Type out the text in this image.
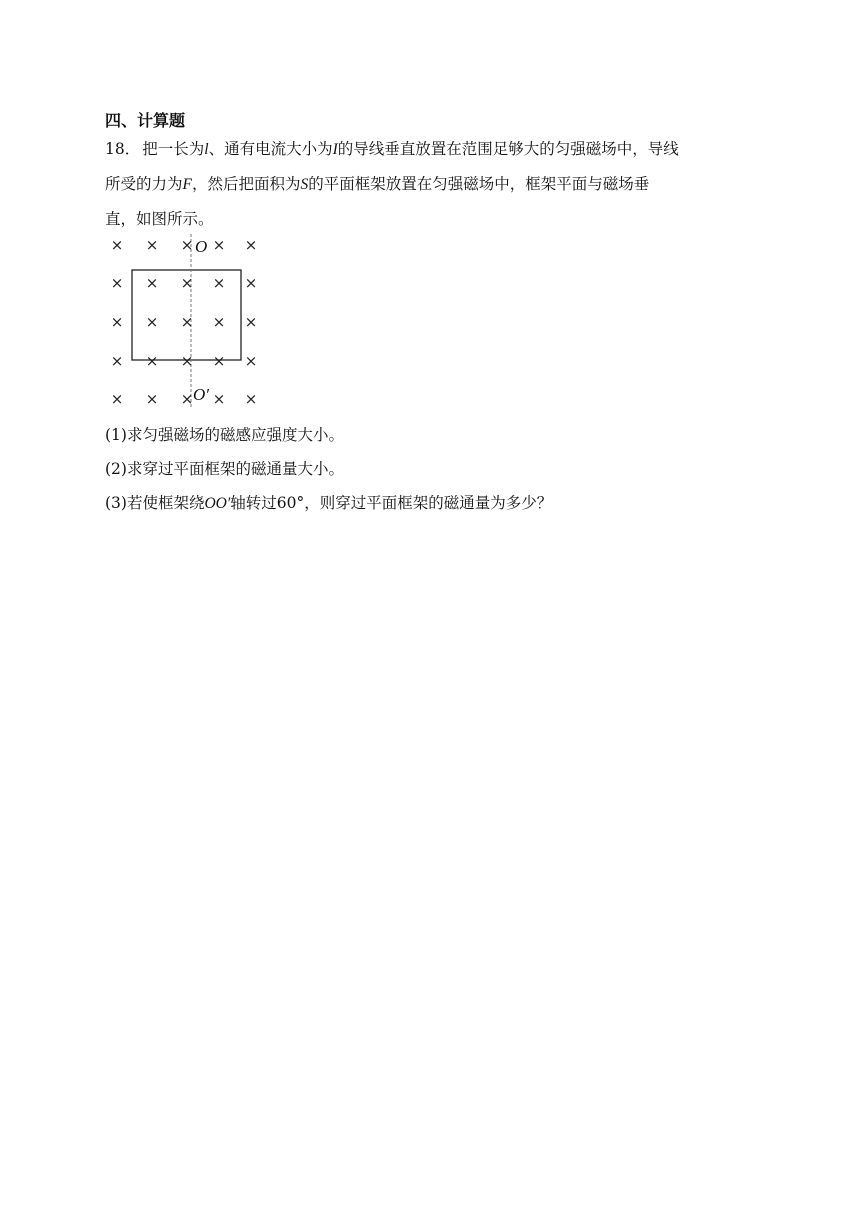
四、计算题

18． 把一长为l、通有电流大小为I的导线垂直放置在范围足够大的匀强磁场中，导线
所受的力为F，然后把面积为S的平面框架放置在匀强磁场中，框架平面与磁场垂
直，如图所示。

× × × × ×
× × × × ×
× × × × ×
× × × × ×
× × × × ×
O
O′

(1)求匀强磁场的磁感应强度大小。

(2)求穿过平面框架的磁通量大小。

(3)若使框架绕OO′轴转过60°，则穿过平面框架的磁通量为多少？
